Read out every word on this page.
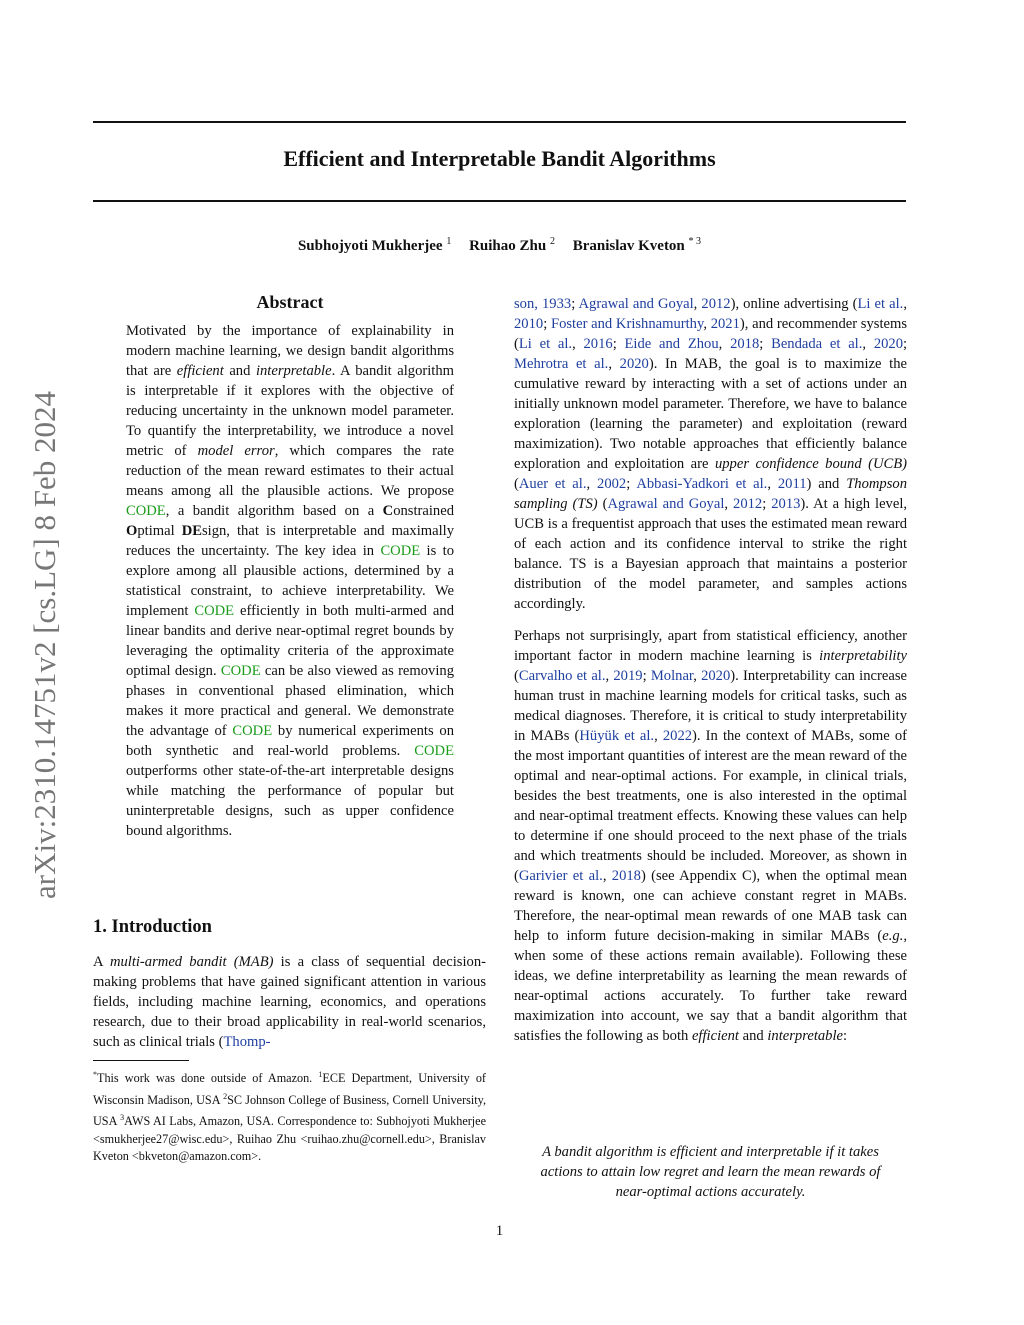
Efficient and Interpretable Bandit Algorithms
Subhojyoti Mukherjee $^1$ Ruihao Zhu $^2$ Branislav Kveton $^{* 3}$
arXiv:2310.14751v2 [cs.LG] 8 Feb 2024
Abstract
Motivated by the importance of explainability in modern machine learning, we design bandit algorithms that are efficient and interpretable. A bandit algorithm is interpretable if it explores with the objective of reducing uncertainty in the unknown model parameter. To quantify the interpretability, we introduce a novel metric of model error, which compares the rate reduction of the mean reward estimates to their actual means among all the plausible actions. We propose CODE, a bandit algorithm based on a Constrained Optimal DEsign, that is interpretable and maximally reduces the uncertainty. The key idea in CODE is to explore among all plausible actions, determined by a statistical constraint, to achieve interpretability. We implement CODE efficiently in both multi-armed and linear bandits and derive near-optimal regret bounds by leveraging the optimality criteria of the approximate optimal design. CODE can be also viewed as removing phases in conventional phased elimination, which makes it more practical and general. We demonstrate the advantage of CODE by numerical experiments on both synthetic and real-world problems. CODE outperforms other state-of-the-art interpretable designs while matching the performance of popular but uninterpretable designs, such as upper confidence bound algorithms.
1. Introduction
A multi-armed bandit (MAB) is a class of sequential decision-making problems that have gained significant attention in various fields, including machine learning, economics, and operations research, due to their broad applicability in real-world scenarios, such as clinical trials (Thomp-
*This work was done outside of Amazon. $^1$ECE Department, University of Wisconsin Madison, USA $^2$SC Johnson College of Business, Cornell University, USA $^3$AWS AI Labs, Amazon, USA. Correspondence to: Subhojyoti Mukherjee <smukherjee27@wisc.edu>, Ruihao Zhu <ruihao.zhu@cornell.edu>, Branislav Kveton <bkveton@amazon.com>.

son, 1933; Agrawal and Goyal, 2012), online advertising (Li et al., 2010; Foster and Krishnamurthy, 2021), and recommender systems (Li et al., 2016; Eide and Zhou, 2018; Bendada et al., 2020; Mehrotra et al., 2020). In MAB, the goal is to maximize the cumulative reward by interacting with a set of actions under an initially unknown model parameter. Therefore, we have to balance exploration (learning the parameter) and exploitation (reward maximization). Two notable approaches that efficiently balance exploration and exploitation are upper confidence bound (UCB) (Auer et al., 2002; Abbasi-Yadkori et al., 2011) and Thompson sampling (TS) (Agrawal and Goyal, 2012; 2013). At a high level, UCB is a frequentist approach that uses the estimated mean reward of each action and its confidence interval to strike the right balance. TS is a Bayesian approach that maintains a posterior distribution of the model parameter, and samples actions accordingly.

Perhaps not surprisingly, apart from statistical efficiency, another important factor in modern machine learning is interpretability (Carvalho et al., 2019; Molnar, 2020). Interpretability can increase human trust in machine learning models for critical tasks, such as medical diagnoses. Therefore, it is critical to study interpretability in MABs (Hüyük et al., 2022). In the context of MABs, some of the most important quantities of interest are the mean reward of the optimal and near-optimal actions. For example, in clinical trials, besides the best treatments, one is also interested in the optimal and near-optimal treatment effects. Knowing these values can help to determine if one should proceed to the next phase of the trials and which treatments should be included. Moreover, as shown in (Garivier et al., 2018) (see Appendix C), when the optimal mean reward is known, one can achieve constant regret in MABs. Therefore, the near-optimal mean rewards of one MAB task can help to inform future decision-making in similar MABs (e.g., when some of these actions remain available). Following these ideas, we define interpretability as learning the mean rewards of near-optimal actions accurately. To further take reward maximization into account, we say that a bandit algorithm that satisfies the following as both efficient and interpretable:

A bandit algorithm is efficient and interpretable if it takes actions to attain low regret and learn the mean rewards of near-optimal actions accurately.
1
